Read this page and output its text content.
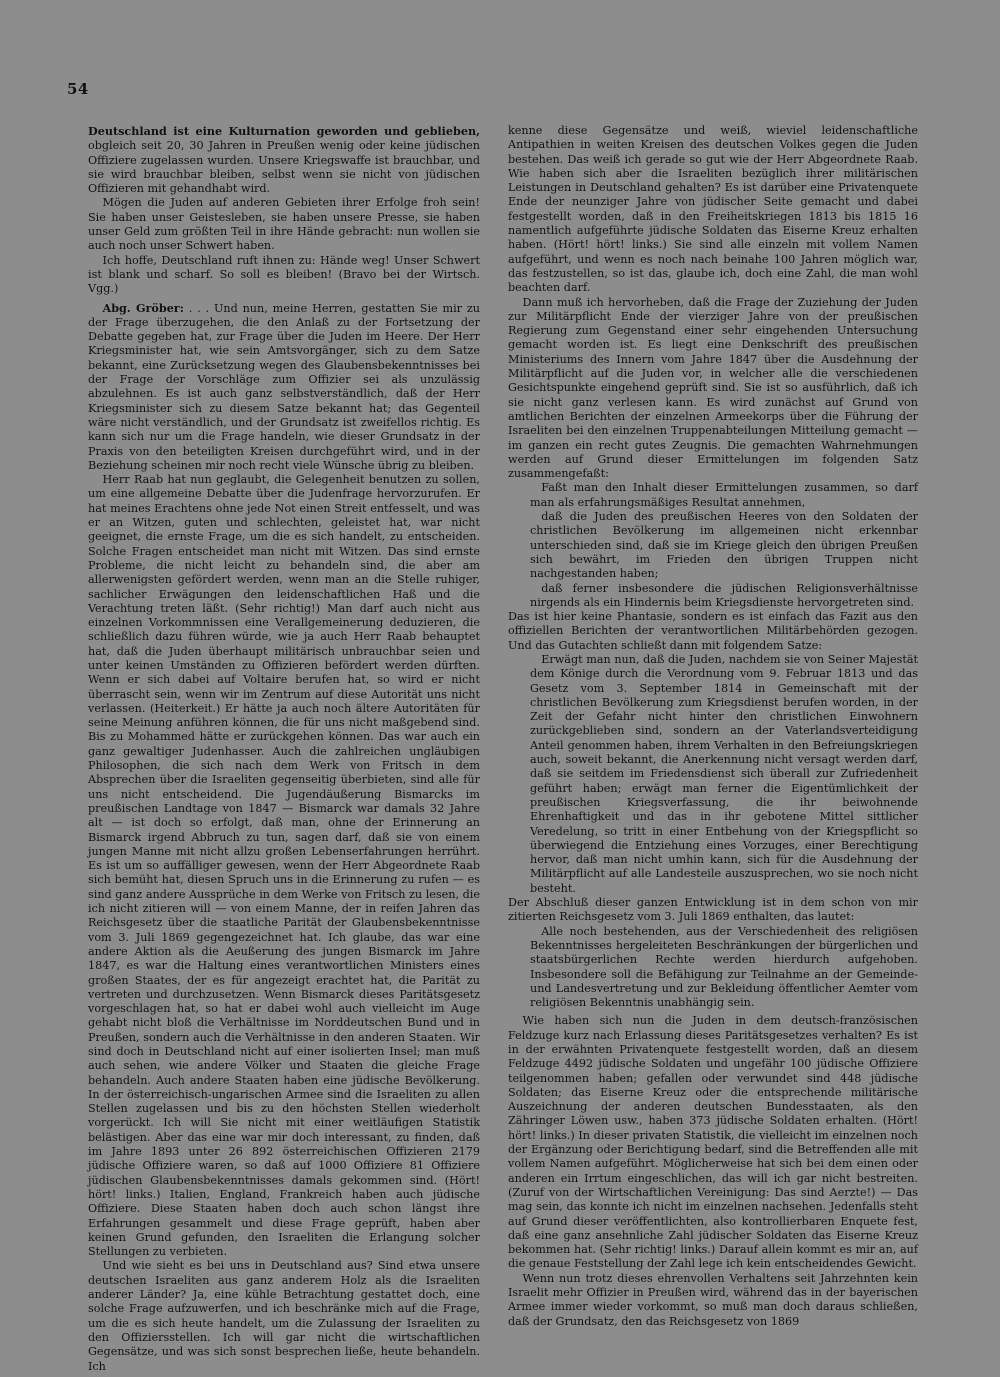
54

Deutschland ist eine Kulturnation geworden und geblieben, obgleich seit 20, 30 Jahren in Preußen wenig oder keine jüdischen Offiziere zugelassen wurden. Unsere Kriegswaffe ist brauchbar, und sie wird brauchbar bleiben, selbst wenn sie nicht von jüdischen Offizieren mit gehandhabt wird.

Mögen die Juden auf anderen Gebieten ihrer Erfolge froh sein! Sie haben unser Geistesleben, sie haben unsere Presse, sie haben unser Geld zum größten Teil in ihre Hände gebracht: nun wollen sie auch noch unser Schwert haben.

Ich hoffe, Deutschland ruft ihnen zu: Hände weg! Unser Schwert ist blank und scharf. So soll es bleiben! (Bravo bei der Wirtsch. Vgg.)

Abg. Gröber: . . . Und nun, meine Herren, gestatten Sie mir zu der Frage überzugehen, die den Anlaß zu der Fortsetzung der Debatte gegeben hat, zur Frage über die Juden im Heere. Der Herr Kriegsminister hat, wie sein Amtsvorgänger, sich zu dem Satze bekannt, eine Zurücksetzung wegen des Glaubensbekenntnisses bei der Frage der Vorschläge zum Offizier sei als unzulässig abzulehnen. Es ist auch ganz selbstverständlich, daß der Herr Kriegsminister sich zu diesem Satze bekannt hat; das Gegenteil wäre nicht verständlich, und der Grundsatz ist zweifellos richtig. Es kann sich nur um die Frage handeln, wie dieser Grundsatz in der Praxis von den beteiligten Kreisen durchgeführt wird, und in der Beziehung scheinen mir noch recht viele Wünsche übrig zu bleiben.

Herr Raab hat nun geglaubt, die Gelegenheit benutzen zu sollen, um eine allgemeine Debatte über die Judenfrage hervorzurufen. Er hat meines Erachtens ohne jede Not einen Streit entfesselt, und was er an Witzen, guten und schlechten, geleistet hat, war nicht geeignet, die ernste Frage, um die es sich handelt, zu entscheiden. Solche Fragen entscheidet man nicht mit Witzen. Das sind ernste Probleme, die nicht leicht zu behandeln sind, die aber am allerwenigsten gefördert werden, wenn man an die Stelle ruhiger, sachlicher Erwägungen den leidenschaftlichen Haß und die Verachtung treten läßt. (Sehr richtig!) Man darf auch nicht aus einzelnen Vorkommnissen eine Verallgemeinerung deduzieren, die schließlich dazu führen würde, wie ja auch Herr Raab behauptet hat, daß die Juden überhaupt militärisch unbrauchbar seien und unter keinen Umständen zu Offizieren befördert werden dürften. Wenn er sich dabei auf Voltaire berufen hat, so wird er nicht überrascht sein, wenn wir im Zentrum auf diese Autorität uns nicht verlassen. (Heiterkeit.) Er hätte ja auch noch ältere Autoritäten für seine Meinung anführen können, die für uns nicht maßgebend sind. Bis zu Mohammed hätte er zurückgehen können. Das war auch ein ganz gewaltiger Judenhasser. Auch die zahlreichen ungläubigen Philosophen, die sich nach dem Werk von Fritsch in dem Absprechen über die Israeliten gegenseitig überbieten, sind alle für uns nicht entscheidend. Die Jugendäußerung Bismarcks im preußischen Landtage von 1847 — Bismarck war damals 32 Jahre alt — ist doch so erfolgt, daß man, ohne der Erinnerung an Bismarck irgend Abbruch zu tun, sagen darf, daß sie von einem jungen Manne mit nicht allzu großen Lebenserfahrungen herrührt. Es ist um so auffälliger gewesen, wenn der Herr Abgeordnete Raab sich bemüht hat, diesen Spruch uns in die Erinnerung zu rufen — es sind ganz andere Aussprüche in dem Werke von Fritsch zu lesen, die ich nicht zitieren will — von einem Manne, der in reifen Jahren das Reichsgesetz über die staatliche Parität der Glaubensbekenntnisse vom 3. Juli 1869 gegengezeichnet hat. Ich glaube, das war eine andere Aktion als die Aeußerung des jungen Bismarck im Jahre 1847, es war die Haltung eines verantwortlichen Ministers eines großen Staates, der es für angezeigt erachtet hat, die Parität zu vertreten und durchzusetzen. Wenn Bismarck dieses Paritätsgesetz vorgeschlagen hat, so hat er dabei wohl auch vielleicht im Auge gehabt nicht bloß die Verhältnisse im Norddeutschen Bund und in Preußen, sondern auch die Verhältnisse in den anderen Staaten. Wir sind doch in Deutschland nicht auf einer isolierten Insel; man muß auch sehen, wie andere Völker und Staaten die gleiche Frage behandeln. Auch andere Staaten haben eine jüdische Bevölkerung. In der österreichisch-ungarischen Armee sind die Israeliten zu allen Stellen zugelassen und bis zu den höchsten Stellen wiederholt vorgerückt. Ich will Sie nicht mit einer weitläufigen Statistik belästigen. Aber das eine war mir doch interessant, zu finden, daß im Jahre 1893 unter 26 892 österreichischen Offizieren 2179 jüdische Offiziere waren, so daß auf 1000 Offiziere 81 Offiziere jüdischen Glaubensbekenntnisses damals gekommen sind. (Hört! hört! links.) Italien, England, Frankreich haben auch jüdische Offiziere. Diese Staaten haben doch auch schon längst ihre Erfahrungen gesammelt und diese Frage geprüft, haben aber keinen Grund gefunden, den Israeliten die Erlangung solcher Stellungen zu verbieten.

Und wie sieht es bei uns in Deutschland aus? Sind etwa unsere deutschen Israeliten aus ganz anderem Holz als die Israeliten anderer Länder? Ja, eine kühle Betrachtung gestattet doch, eine solche Frage aufzuwerfen, und ich beschränke mich auf die Frage, um die es sich heute handelt, um die Zulassung der Israeliten zu den Offiziersstellen. Ich will gar nicht die wirtschaftlichen Gegensätze, und was sich sonst besprechen ließe, heute behandeln. Ich

kenne diese Gegensätze und weiß, wieviel leidenschaftliche Antipathien in weiten Kreisen des deutschen Volkes gegen die Juden bestehen. Das weiß ich gerade so gut wie der Herr Abgeordnete Raab. Wie haben sich aber die Israeliten bezüglich ihrer militärischen Leistungen in Deutschland gehalten? Es ist darüber eine Privatenquete Ende der neunziger Jahre von jüdischer Seite gemacht und dabei festgestellt worden, daß in den Freiheitskriegen 1813 bis 1815 16 namentlich aufgeführte jüdische Soldaten das Eiserne Kreuz erhalten haben. (Hört! hört! links.) Sie sind alle einzeln mit vollem Namen aufgeführt, und wenn es noch nach beinahe 100 Jahren möglich war, das festzustellen, so ist das, glaube ich, doch eine Zahl, die man wohl beachten darf.

Dann muß ich hervorheben, daß die Frage der Zuziehung der Juden zur Militärpflicht Ende der vierziger Jahre von der preußischen Regierung zum Gegenstand einer sehr eingehenden Untersuchung gemacht worden ist. Es liegt eine Denkschrift des preußischen Ministeriums des Innern vom Jahre 1847 über die Ausdehnung der Militärpflicht auf die Juden vor, in welcher alle die verschiedenen Gesichtspunkte eingehend geprüft sind. Sie ist so ausführlich, daß ich sie nicht ganz verlesen kann. Es wird zunächst auf Grund von amtlichen Berichten der einzelnen Armeekorps über die Führung der Israeliten bei den einzelnen Truppenabteilungen Mitteilung gemacht — im ganzen ein recht gutes Zeugnis. Die gemachten Wahrnehmungen werden auf Grund dieser Ermittelungen im folgenden Satz zusammengefaßt:

Faßt man den Inhalt dieser Ermittelungen zusammen, so darf man als erfahrungsmäßiges Resultat annehmen,

daß die Juden des preußischen Heeres von den Soldaten der christlichen Bevölkerung im allgemeinen nicht erkennbar unterschieden sind, daß sie im Kriege gleich den übrigen Preußen sich bewährt, im Frieden den übrigen Truppen nicht nachgestanden haben;

daß ferner insbesondere die jüdischen Religionsverhältnisse nirgends als ein Hindernis beim Kriegsdienste hervorgetreten sind.

Das ist hier keine Phantasie, sondern es ist einfach das Fazit aus den offiziellen Berichten der verantwortlichen Militärbehörden gezogen. Und das Gutachten schließt dann mit folgendem Satze:

Erwägt man nun, daß die Juden, nachdem sie von Seiner Majestät dem Könige durch die Verordnung vom 9. Februar 1813 und das Gesetz vom 3. September 1814 in Gemeinschaft mit der christlichen Bevölkerung zum Kriegsdienst berufen worden, in der Zeit der Gefahr nicht hinter den christlichen Einwohnern zurückgeblieben sind, sondern an der Vaterlandsverteidigung Anteil genommen haben, ihrem Verhalten in den Befreiungskriegen auch, soweit bekannt, die Anerkennung nicht versagt werden darf, daß sie seitdem im Friedensdienst sich überall zur Zufriedenheit geführt haben; erwägt man ferner die Eigentümlichkeit der preußischen Kriegsverfassung, die ihr beiwohnende Ehrenhaftigkeit und das in ihr gebotene Mittel sittlicher Veredelung, so tritt in einer Entbehung von der Kriegspflicht so überwiegend die Entziehung eines Vorzuges, einer Berechtigung hervor, daß man nicht umhin kann, sich für die Ausdehnung der Militärpflicht auf alle Landesteile auszusprechen, wo sie noch nicht besteht.

Der Abschluß dieser ganzen Entwicklung ist in dem schon von mir zitierten Reichsgesetz vom 3. Juli 1869 enthalten, das lautet:

Alle noch bestehenden, aus der Verschiedenheit des religiösen Bekenntnisses hergeleiteten Beschränkungen der bürgerlichen und staatsbürgerlichen Rechte werden hierdurch aufgehoben. Insbesondere soll die Befähigung zur Teilnahme an der Gemeinde- und Landesvertretung und zur Bekleidung öffentlicher Aemter vom religiösen Bekenntnis unabhängig sein.

Wie haben sich nun die Juden in dem deutsch-französischen Feldzuge kurz nach Erlassung dieses Paritätsgesetzes verhalten? Es ist in der erwähnten Privatenquete festgestellt worden, daß an diesem Feldzuge 4492 jüdische Soldaten und ungefähr 100 jüdische Offiziere teilgenommen haben; gefallen oder verwundet sind 448 jüdische Soldaten; das Eiserne Kreuz oder die entsprechende militärische Auszeichnung der anderen deutschen Bundesstaaten, als den Zähringer Löwen usw., haben 373 jüdische Soldaten erhalten. (Hört! hört! links.) In dieser privaten Statistik, die vielleicht im einzelnen noch der Ergänzung oder Berichtigung bedarf, sind die Betreffenden alle mit vollem Namen aufgeführt. Möglicherweise hat sich bei dem einen oder anderen ein Irrtum eingeschlichen, das will ich gar nicht bestreiten. (Zuruf von der Wirtschaftlichen Vereinigung: Das sind Aerzte!) — Das mag sein, das konnte ich nicht im einzelnen nachsehen. Jedenfalls steht auf Grund dieser veröffentlichten, also kontrollierbaren Enquete fest, daß eine ganz ansehnliche Zahl jüdischer Soldaten das Eiserne Kreuz bekommen hat. (Sehr richtig! links.) Darauf allein kommt es mir an, auf die genaue Feststellung der Zahl lege ich kein entscheidendes Gewicht.

Wenn nun trotz dieses ehrenvollen Verhaltens seit Jahrzehnten kein Israelit mehr Offizier in Preußen wird, während das in der bayerischen Armee immer wieder vorkommt, so muß man doch daraus schließen, daß der Grundsatz, den das Reichsgesetz von 1869
